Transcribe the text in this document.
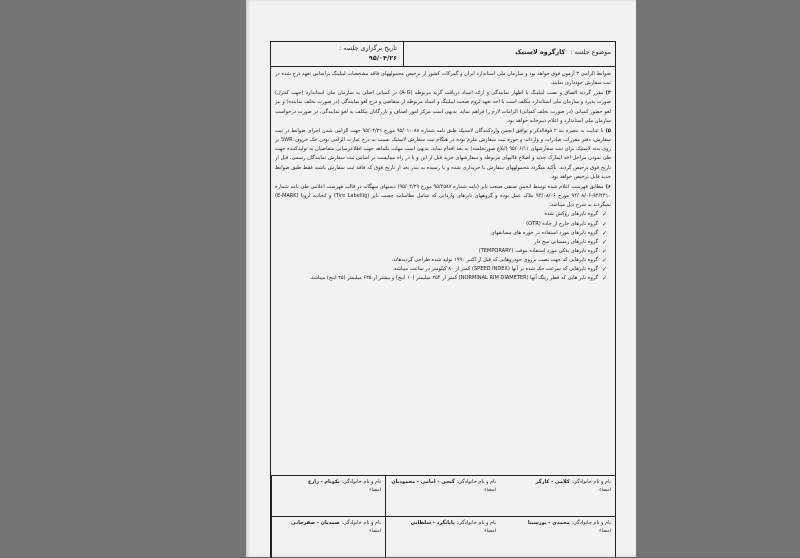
موضوع جلسه : کارگروه لاستیک
تاریخ برگزاری جلسه :
۹۵/۰۴/۲۶

ضوابط الزامی ۳ آزمون فوق خواهد بود و سازمان ملی استاندارد ایران و گمرکات کشور از ترخیص محمولههای فاقد مشخصات لیبلینگ براساس تعهد درج شده در ثبت سفارش خودداری نمایند.

۴)مقرر گردید الصاق و نصب لیبلینگ با اظهار نمایندگی و ارائه اسناد دریافت گرید مربوطه (A-G) در کمپانی اصلی به سازمان ملی استاندارد (جهت کنترل) صورت پذیرد و سازمان ملی استاندارد مکلف است با اخذ تعهد لزوم صحت لیبلینگ و اسناد مربوطه از متقاضی و درج لغو نمایندگی (در صورت تخلف نماینده) و نیز لغو حضور کمپانی (در صورت تخلف کمپانی) الزامات لازم را فراهم نماید. بدیهی است مرکز امور اصناف و بازرگانان مکلف به لغو نمایندگی، در صورت درخواست سازمان ملی استاندارد و اعلام دبیرخانه خواهد بود.

۵)با عنایت به تبصره بند ۲ فوقالذکر و توافق انجمن واردکنندگان لاستیک طبق نامه شماره ۰۸۸-۹۵/۰۱ مورخ ۹۵/۰۴/۳۱ جهت الزامی شدن اجرای ضوابط در ثبت سفارش، دفتر مقررات صادرات و واردات و حوزه ثبت سفارش ملزم بوده در هنگام ثبت سفارش لاستیک نسبت به درج عبارت الزامی بودن حک حروف SWR بر روی بدنه لاستیک برای ثبت سفارشهای ۹۵/۰۶/۱۱ (ابلاغ صورتجلسه) به بعد اقدام نماید، بدیهی است مهلت یکماهه جهت اطلاعرسانی متقاضیان به تولیدکننده جهت طی نمودن مراحل اخذ ایمارک جدید و اصلاح قالبهای مربوطه و سفارشهای خرید قبل از این و یا در راه میبایست بر اساس ثبت سفارش نمایندگان رسمی، قبل از تاریخ فوق ترخیص گردند. تأکید میگردد محمولههای سفارش یا خریداری شده و یا رسیده به بندر بعد از تاریخ فوق که فاقد ثبت سفارش باشند فقط طبق ضوابط جدید قابل ترخیص خواهد بود.

۶)مطابق فهرست اعلام شده توسط انجمن صنفی صنعت تایر (نامه شماره ۹۵/۴۵۸۷ مورخ ۹۵/۰۴/۲۹) دستهای سهگانه در قالب فهرست اعلامی طی نامه شماره ۹۴/۴۴۱۰-۹۴/۰۸/۰۶ مورخ ۹۴/۰۸/۰۶ ملاک عمل بوده و گروههای تایرهای وارداتی که شامل نظامنامه چسب تایر (Tire Labellig) و اتحادیه اروپا (E-MARK) نمیگردند به شرح ذیل میباشد:

✓
گروه تایرهای روکش شده
✓
گروه تایرهای خارج از جاده (OTR)
✓
گروه تایرهای مورد استفاده در حوزه های مسابقهای
✓
گروه تایرهای زمستانی میخ دار
✓
گروه تایرهای یدکی مورد استفاده موقت (TEMPORARY)
✓
گروه تایرهایی که جهت نصب برروی خودروهایی که قبل از اکتبر ۱۹۹۰ تولید شده طراحی گردیدهاند.
✓
گروه تایرهایی که سرعت حک شده بر آنها (SPEED INDEX) کمتر از ۸۰ کیلومتر در ساعت میباشد.
✓
گروه تایر هایی که قطر رینگ آنها (NORMINAL RIM DIAMETER) کمتر از ۲۵۴ میلیمتر (۱۰ اینچ) و بیشتر از ۶۳۵ میلیمتر (۲۵ اینچ) میباشد.
نام و نام خانوادگی: کلامی - کارگر
امضاء
نام و نام خانوادگی: گنجی - امامی - محمودیان
امضاء
نام و نام خانوادگی: تکونام - زارع
امضاء
نام و نام خانوادگی: محمدی - پورسینا
امضاء
نام و نام خانوادگی: پاپانگرد - سلطانی
امضاء
نام و نام خانوادگی: صمدیان - صفرخانی
امضاء
